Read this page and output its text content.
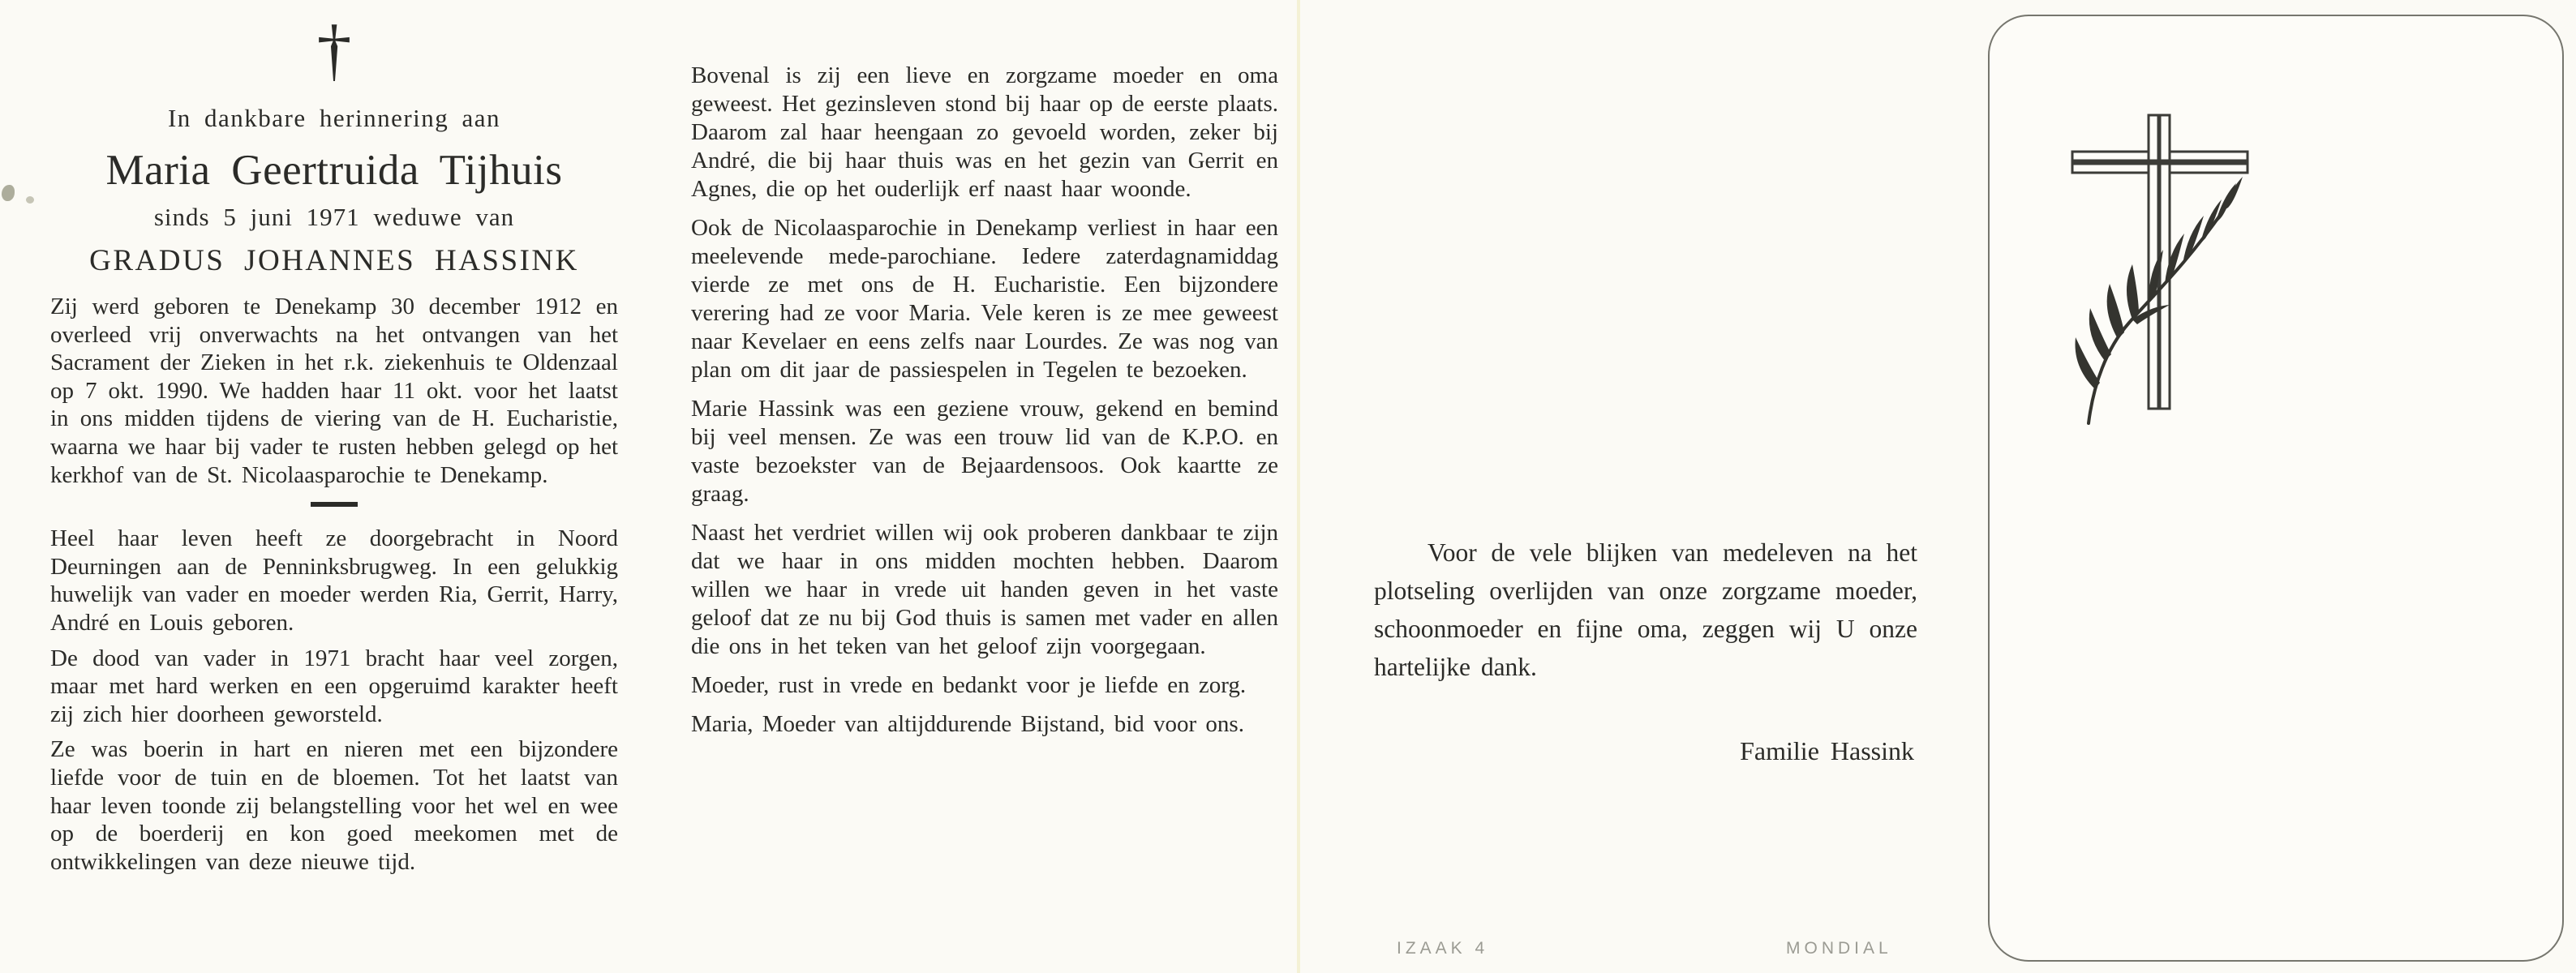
†
In dankbare herinnering aan
Maria Geertruida Tijhuis
sinds 5 juni 1971 weduwe van
GRADUS JOHANNES HASSINK

Zij werd geboren te Denekamp 30 december 1912 en overleed vrij onverwachts na het ontvangen van het Sacrament der Zieken in het r.k. ziekenhuis te Oldenzaal op 7 okt. 1990. We hadden haar 11 okt. voor het laatst in ons midden tijdens de viering van de H. Eucharistie, waarna we haar bij vader te rusten hebben gelegd op het kerkhof van de St. Nicolaasparochie te Denekamp.

Heel haar leven heeft ze doorgebracht in Noord Deurningen aan de Penninksbrugweg. In een gelukkig huwelijk van vader en moeder werden Ria, Gerrit, Harry, André en Louis geboren.

De dood van vader in 1971 bracht haar veel zorgen, maar met hard werken en een opgeruimd karakter heeft zij zich hier doorheen geworsteld.

Ze was boerin in hart en nieren met een bijzondere liefde voor de tuin en de bloemen. Tot het laatst van haar leven toonde zij belangstelling voor het wel en wee op de boerderij en kon goed meekomen met de ontwikkelingen van deze nieuwe tijd.

Bovenal is zij een lieve en zorgzame moeder en oma geweest. Het gezinsleven stond bij haar op de eerste plaats. Daarom zal haar heengaan zo gevoeld worden, zeker bij André, die bij haar thuis was en het gezin van Gerrit en Agnes, die op het ouderlijk erf naast haar woonde.

Ook de Nicolaasparochie in Denekamp verliest in haar een meelevende mede-parochiane. Iedere zaterdagnamiddag vierde ze met ons de H. Eucharistie. Een bijzondere verering had ze voor Maria. Vele keren is ze mee geweest naar Kevelaer en eens zelfs naar Lourdes. Ze was nog van plan om dit jaar de passiespelen in Tegelen te bezoeken.

Marie Hassink was een geziene vrouw, gekend en bemind bij veel mensen. Ze was een trouw lid van de K.P.O. en vaste bezoekster van de Bejaardensoos. Ook kaartte ze graag.

Naast het verdriet willen wij ook proberen dankbaar te zijn dat we haar in ons midden mochten hebben. Daarom willen we haar in vrede uit handen geven in het vaste geloof dat ze nu bij God thuis is samen met vader en allen die ons in het teken van het geloof zijn voorgegaan.

Moeder, rust in vrede en bedankt voor je liefde en zorg.

Maria, Moeder van altijddurende Bijstand, bid voor ons.

Voor de vele blijken van medeleven na het plotseling overlijden van onze zorgzame moeder, schoonmoeder en fijne oma, zeggen wij U onze hartelijke dank.
Familie Hassink
IZAAK 4	MONDIAL
